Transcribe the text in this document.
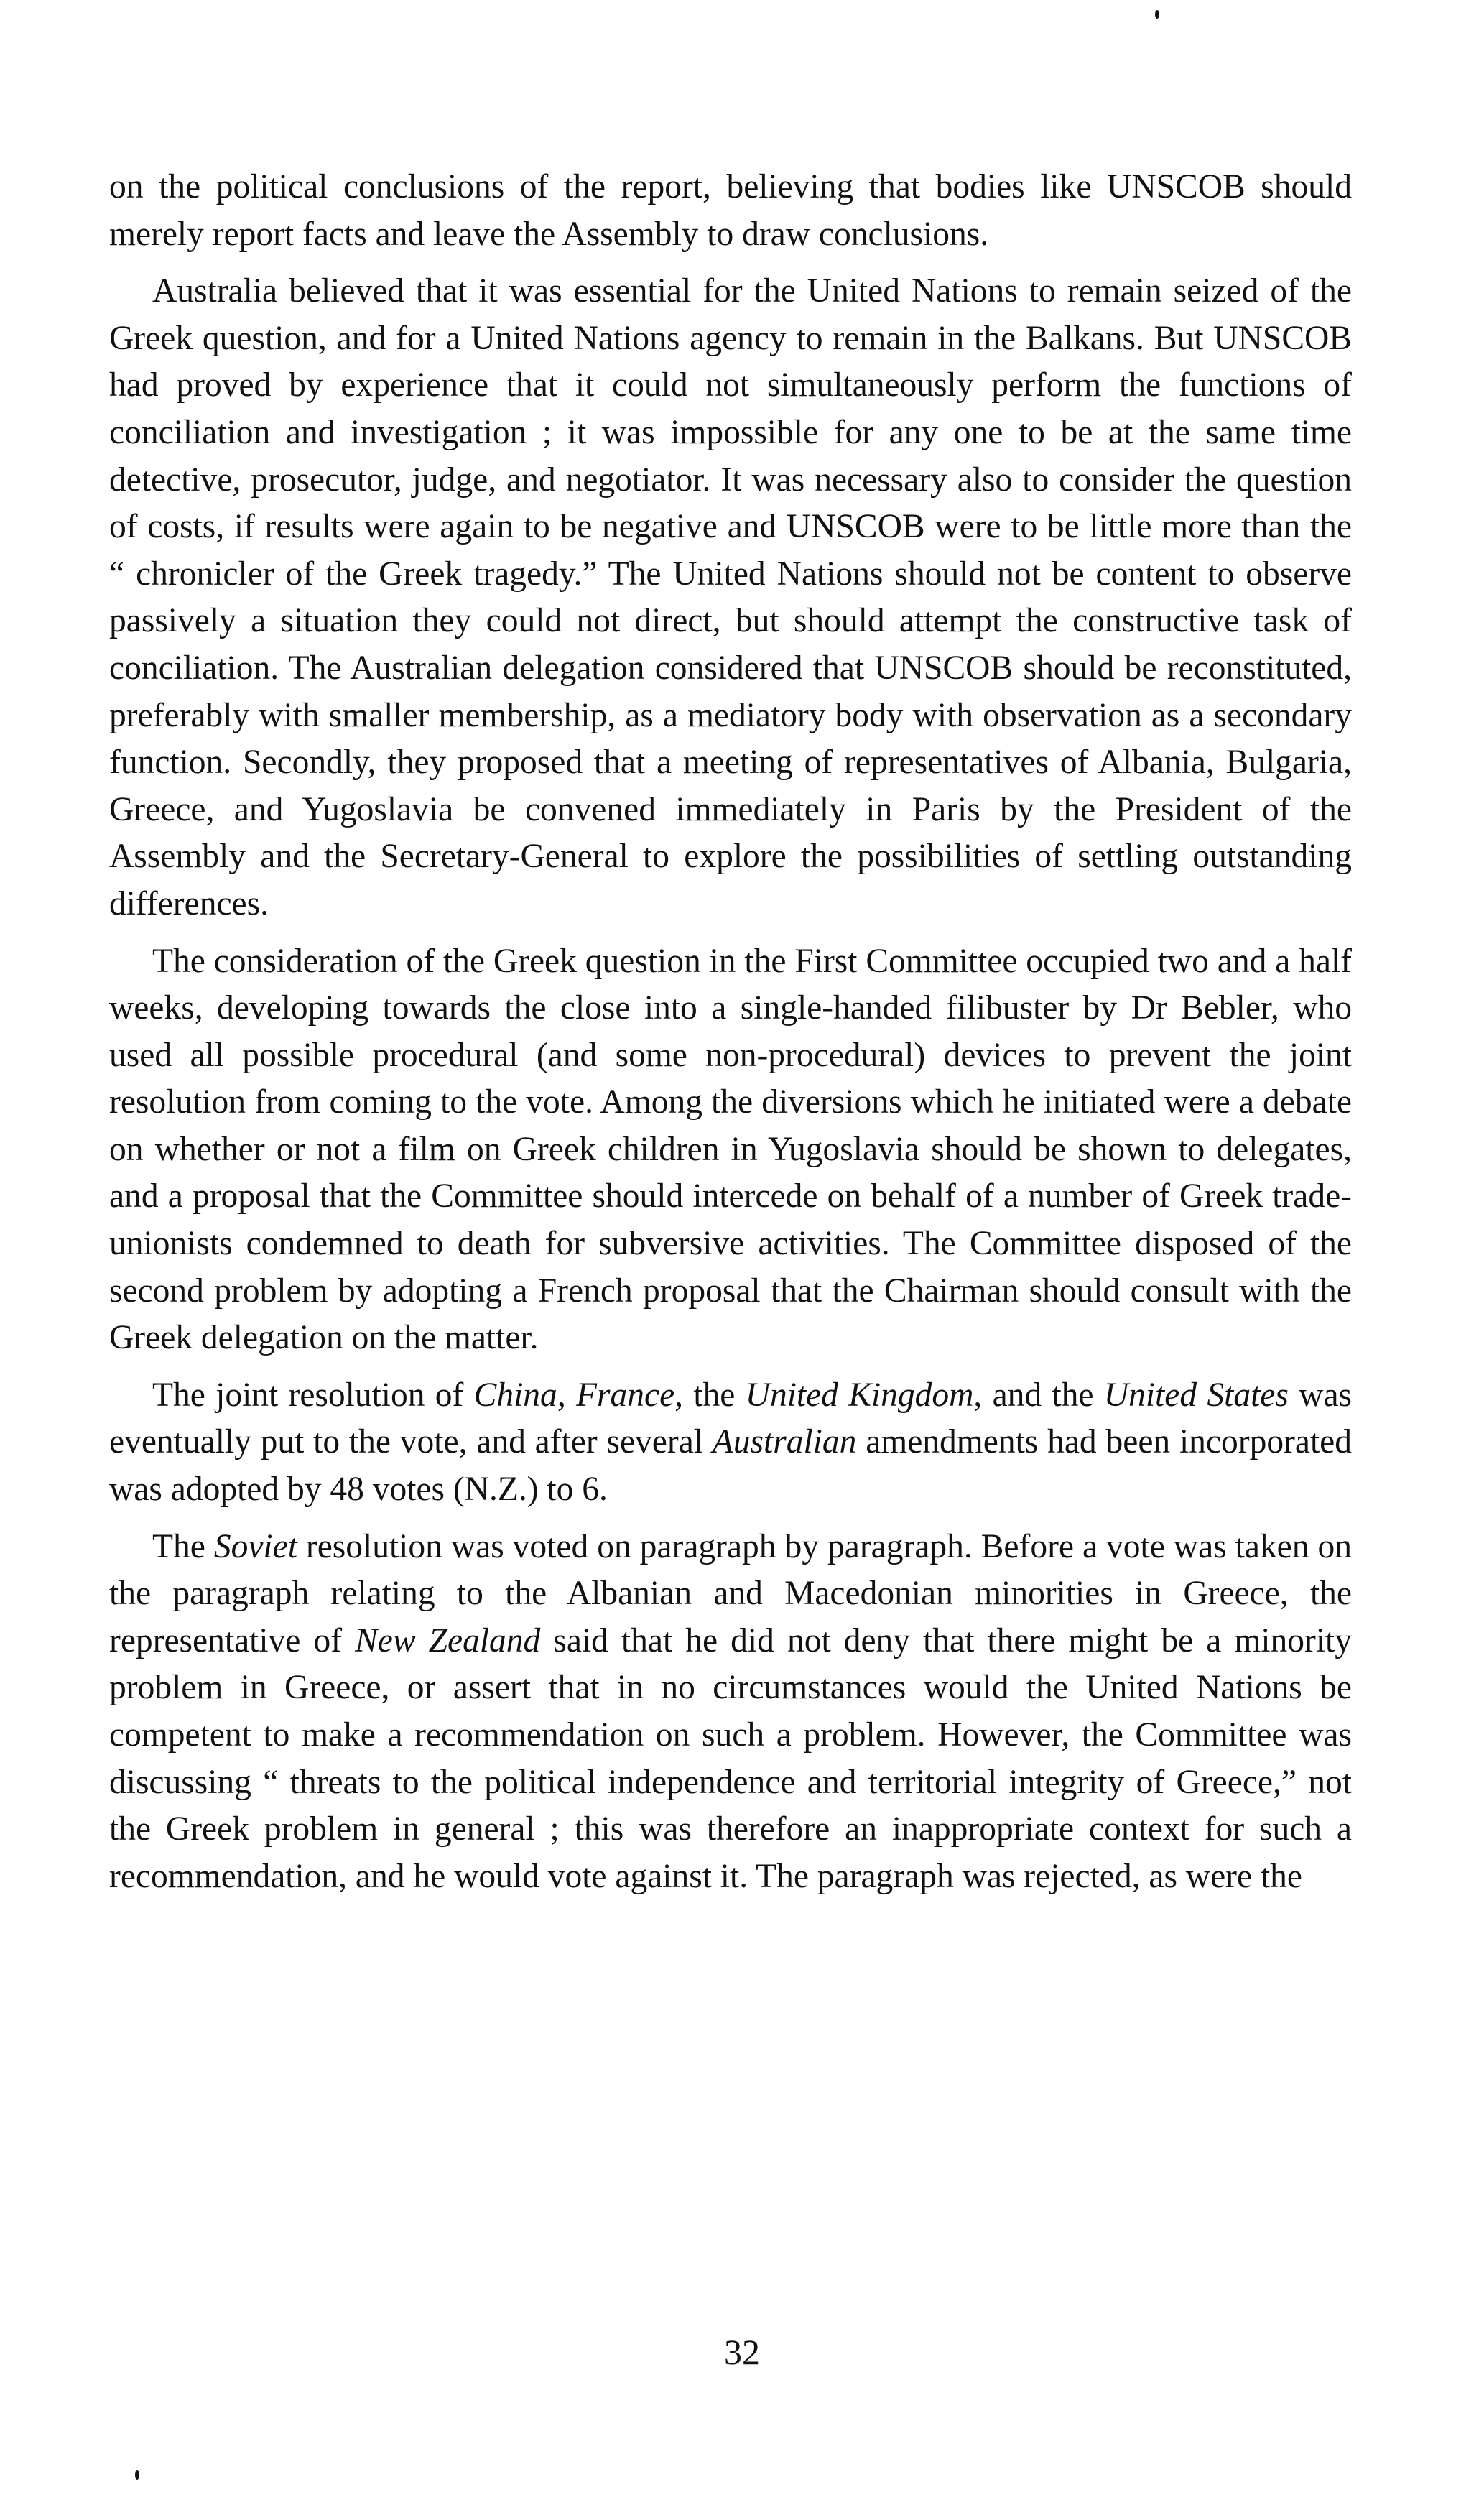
on the political conclusions of the report, believing that bodies like UNSCOB should merely report facts and leave the Assembly to draw conclusions.

Australia believed that it was essential for the United Nations to remain seized of the Greek question, and for a United Nations agency to remain in the Balkans. But UNSCOB had proved by experience that it could not simultaneously perform the functions of conciliation and investigation ; it was impossible for any one to be at the same time detective, prosecutor, judge, and negotiator. It was necessary also to consider the question of costs, if results were again to be negative and UNSCOB were to be little more than the “ chronicler of the Greek tragedy.” The United Nations should not be content to observe passively a situation they could not direct, but should attempt the constructive task of conciliation. The Australian delegation considered that UNSCOB should be reconstituted, preferably with smaller membership, as a mediatory body with observation as a secondary function. Secondly, they proposed that a meeting of representatives of Albania, Bulgaria, Greece, and Yugoslavia be convened immediately in Paris by the President of the Assembly and the Secretary-General to explore the possibilities of settling outstanding differences.

The consideration of the Greek question in the First Committee occupied two and a half weeks, developing towards the close into a single-handed filibuster by Dr Bebler, who used all possible procedural (and some non-procedural) devices to prevent the joint resolution from coming to the vote. Among the diversions which he initiated were a debate on whether or not a film on Greek children in Yugoslavia should be shown to delegates, and a proposal that the Committee should intercede on behalf of a number of Greek trade-unionists condemned to death for subversive activities. The Committee disposed of the second problem by adopting a French proposal that the Chairman should consult with the Greek delegation on the matter.

The joint resolution of China, France, the United Kingdom, and the United States was eventually put to the vote, and after several Australian amendments had been incorporated was adopted by 48 votes (N.Z.) to 6.

The Soviet resolution was voted on paragraph by paragraph. Before a vote was taken on the paragraph relating to the Albanian and Macedonian minorities in Greece, the representative of New Zealand said that he did not deny that there might be a minority problem in Greece, or assert that in no circumstances would the United Nations be competent to make a recommendation on such a problem. However, the Committee was discussing “ threats to the political independence and territorial integrity of Greece,” not the Greek problem in general ; this was therefore an inappropriate context for such a recommendation, and he would vote against it. The paragraph was rejected, as were the

32
